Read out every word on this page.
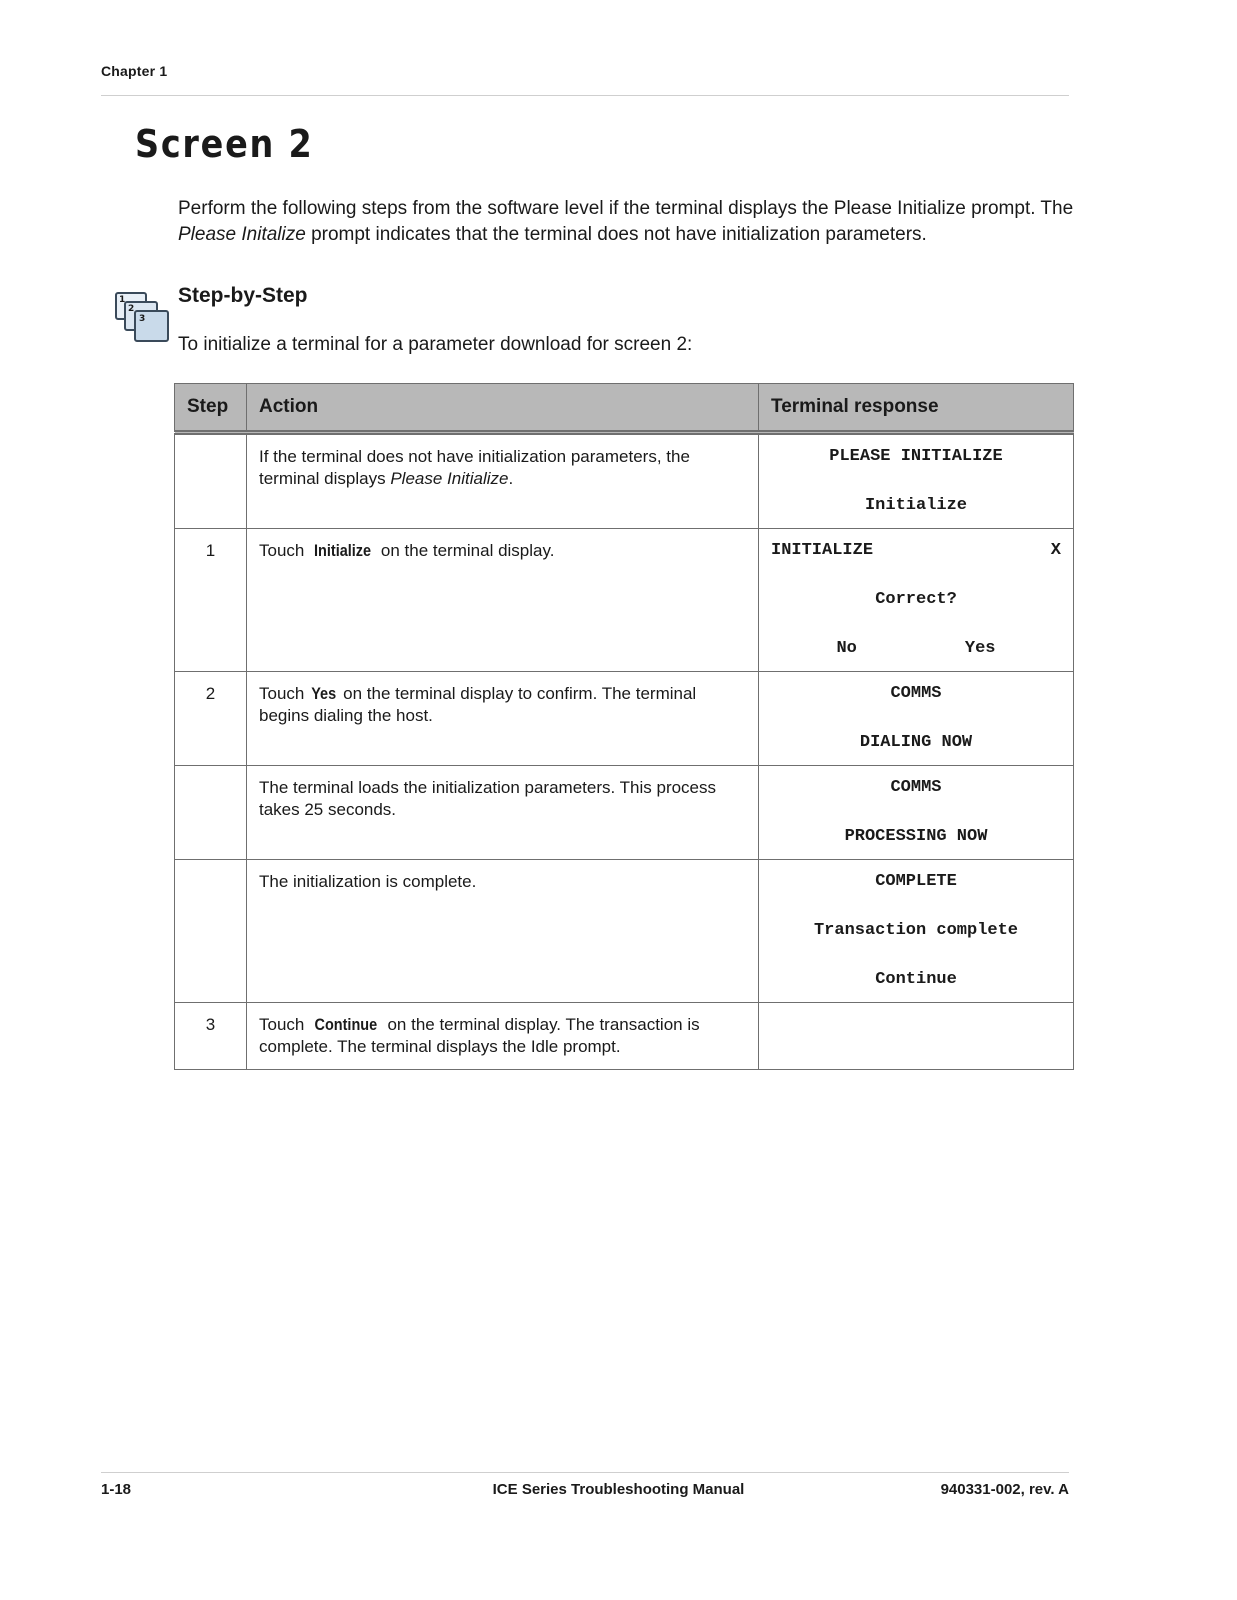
Chapter 1
Screen 2

Perform the following steps from the software level if the terminal displays the Please Initialize prompt. The Please Initalize prompt indicates that the terminal does not have initialization parameters.

1
2
3
Step-by-Step

To initialize a terminal for a parameter download for screen 2:

Step	Action	Terminal response
	If the terminal does not have initialization parameters, the terminal displays Please Initialize.	PLEASE INITIALIZE
Initialize

1	Touch Initialize on the terminal display.	INITIALIZE X
Correct?
No Yes

2	Touch Yes on the terminal display to confirm. The terminal begins dialing the host.	COMMS
DIALING NOW

	The terminal loads the initialization parameters. This process takes 25 seconds.	COMMS
PROCESSING NOW

	The initialization is complete.	COMPLETE
Transaction complete
Continue

3	Touch Continue on the terminal display. The transaction is complete. The terminal displays the Idle prompt.	
1-18	ICE Series Troubleshooting Manual	940331-002, rev. A
